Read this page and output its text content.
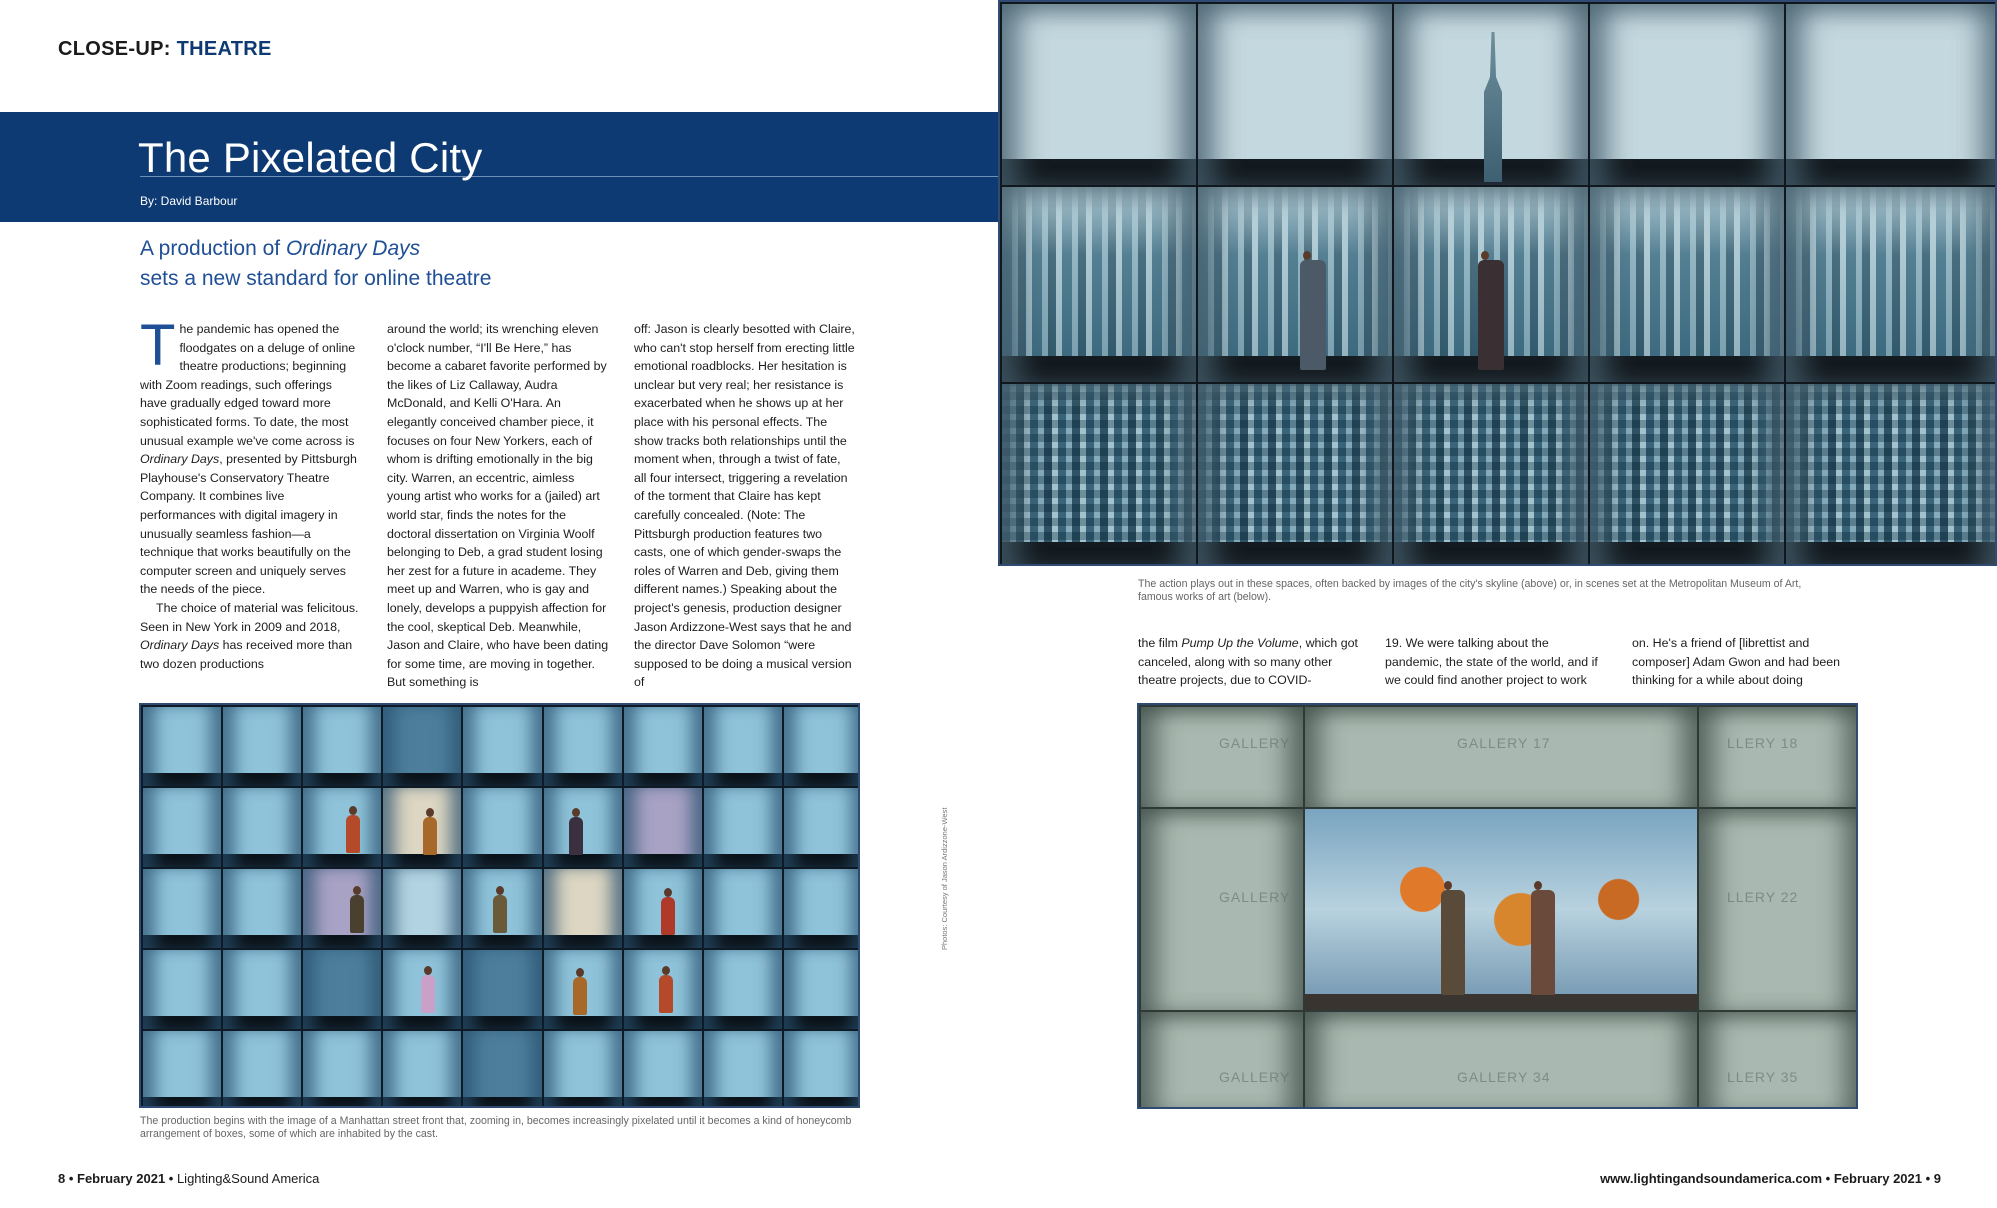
CLOSE-UP: THEATRE
The Pixelated City
By: David Barbour
A production of Ordinary Days
sets a new standard for online theatre

The pandemic has opened the floodgates on a deluge of online theatre productions; beginning with Zoom readings, such offerings have gradually edged toward more sophisticated forms. To date, the most unusual example we've come across is Ordinary Days, presented by Pittsburgh Playhouse's Conservatory Theatre Company. It combines live performances with digital imagery in unusually seamless fashion—a technique that works beautifully on the computer screen and uniquely serves the needs of the piece.

The choice of material was felicitous. Seen in New York in 2009 and 2018, Ordinary Days has received more than two dozen productions

around the world; its wrenching eleven o'clock number, “I'll Be Here,” has become a cabaret favorite performed by the likes of Liz Callaway, Audra McDonald, and Kelli O'Hara. An elegantly conceived chamber piece, it focuses on four New Yorkers, each of whom is drifting emotionally in the big city. Warren, an eccentric, aimless young artist who works for a (jailed) art world star, finds the notes for the doctoral dissertation on Virginia Woolf belonging to Deb, a grad student losing her zest for a future in academe. They meet up and Warren, who is gay and lonely, develops a puppyish affection for the cool, skeptical Deb. Meanwhile, Jason and Claire, who have been dating for some time, are moving in together. But something is

off: Jason is clearly besotted with Claire, who can't stop herself from erecting little emotional roadblocks. Her hesitation is unclear but very real; her resistance is exacerbated when he shows up at her place with his personal effects. The show tracks both relationships until the moment when, through a twist of fate, all four intersect, triggering a revelation of the torment that Claire has kept carefully concealed. (Note: The Pittsburgh production features two casts, one of which gender-swaps the roles of Warren and Deb, giving them different names.) Speaking about the project's genesis, production designer Jason Ardizzone-West says that he and the director Dave Solomon “were supposed to be doing a musical version of

The production begins with the image of a Manhattan street front that, zooming in, becomes increasingly pixelated until it becomes a kind of honeycomb arrangement of boxes, some of which are inhabited by the cast.
Photos: Courtesy of Jason Ardizzone-West
8 • February 2021 • Lighting&Sound America
The action plays out in these spaces, often backed by images of the city's skyline (above) or, in scenes set at the Metropolitan Museum of Art, famous works of art (below).

the film Pump Up the Volume, which got canceled, along with so many other theatre projects, due to COVID-

19. We were talking about the pandemic, the state of the world, and if we could find another project to work

on. He's a friend of [librettist and composer] Adam Gwon and had been thinking for a while about doing

GALLERY	GALLERY 17	LLERY 18
GALLERY	LLERY 22
GALLERY	GALLERY 34	LLERY 35
www.lightingandsoundamerica.com • February 2021 • 9
